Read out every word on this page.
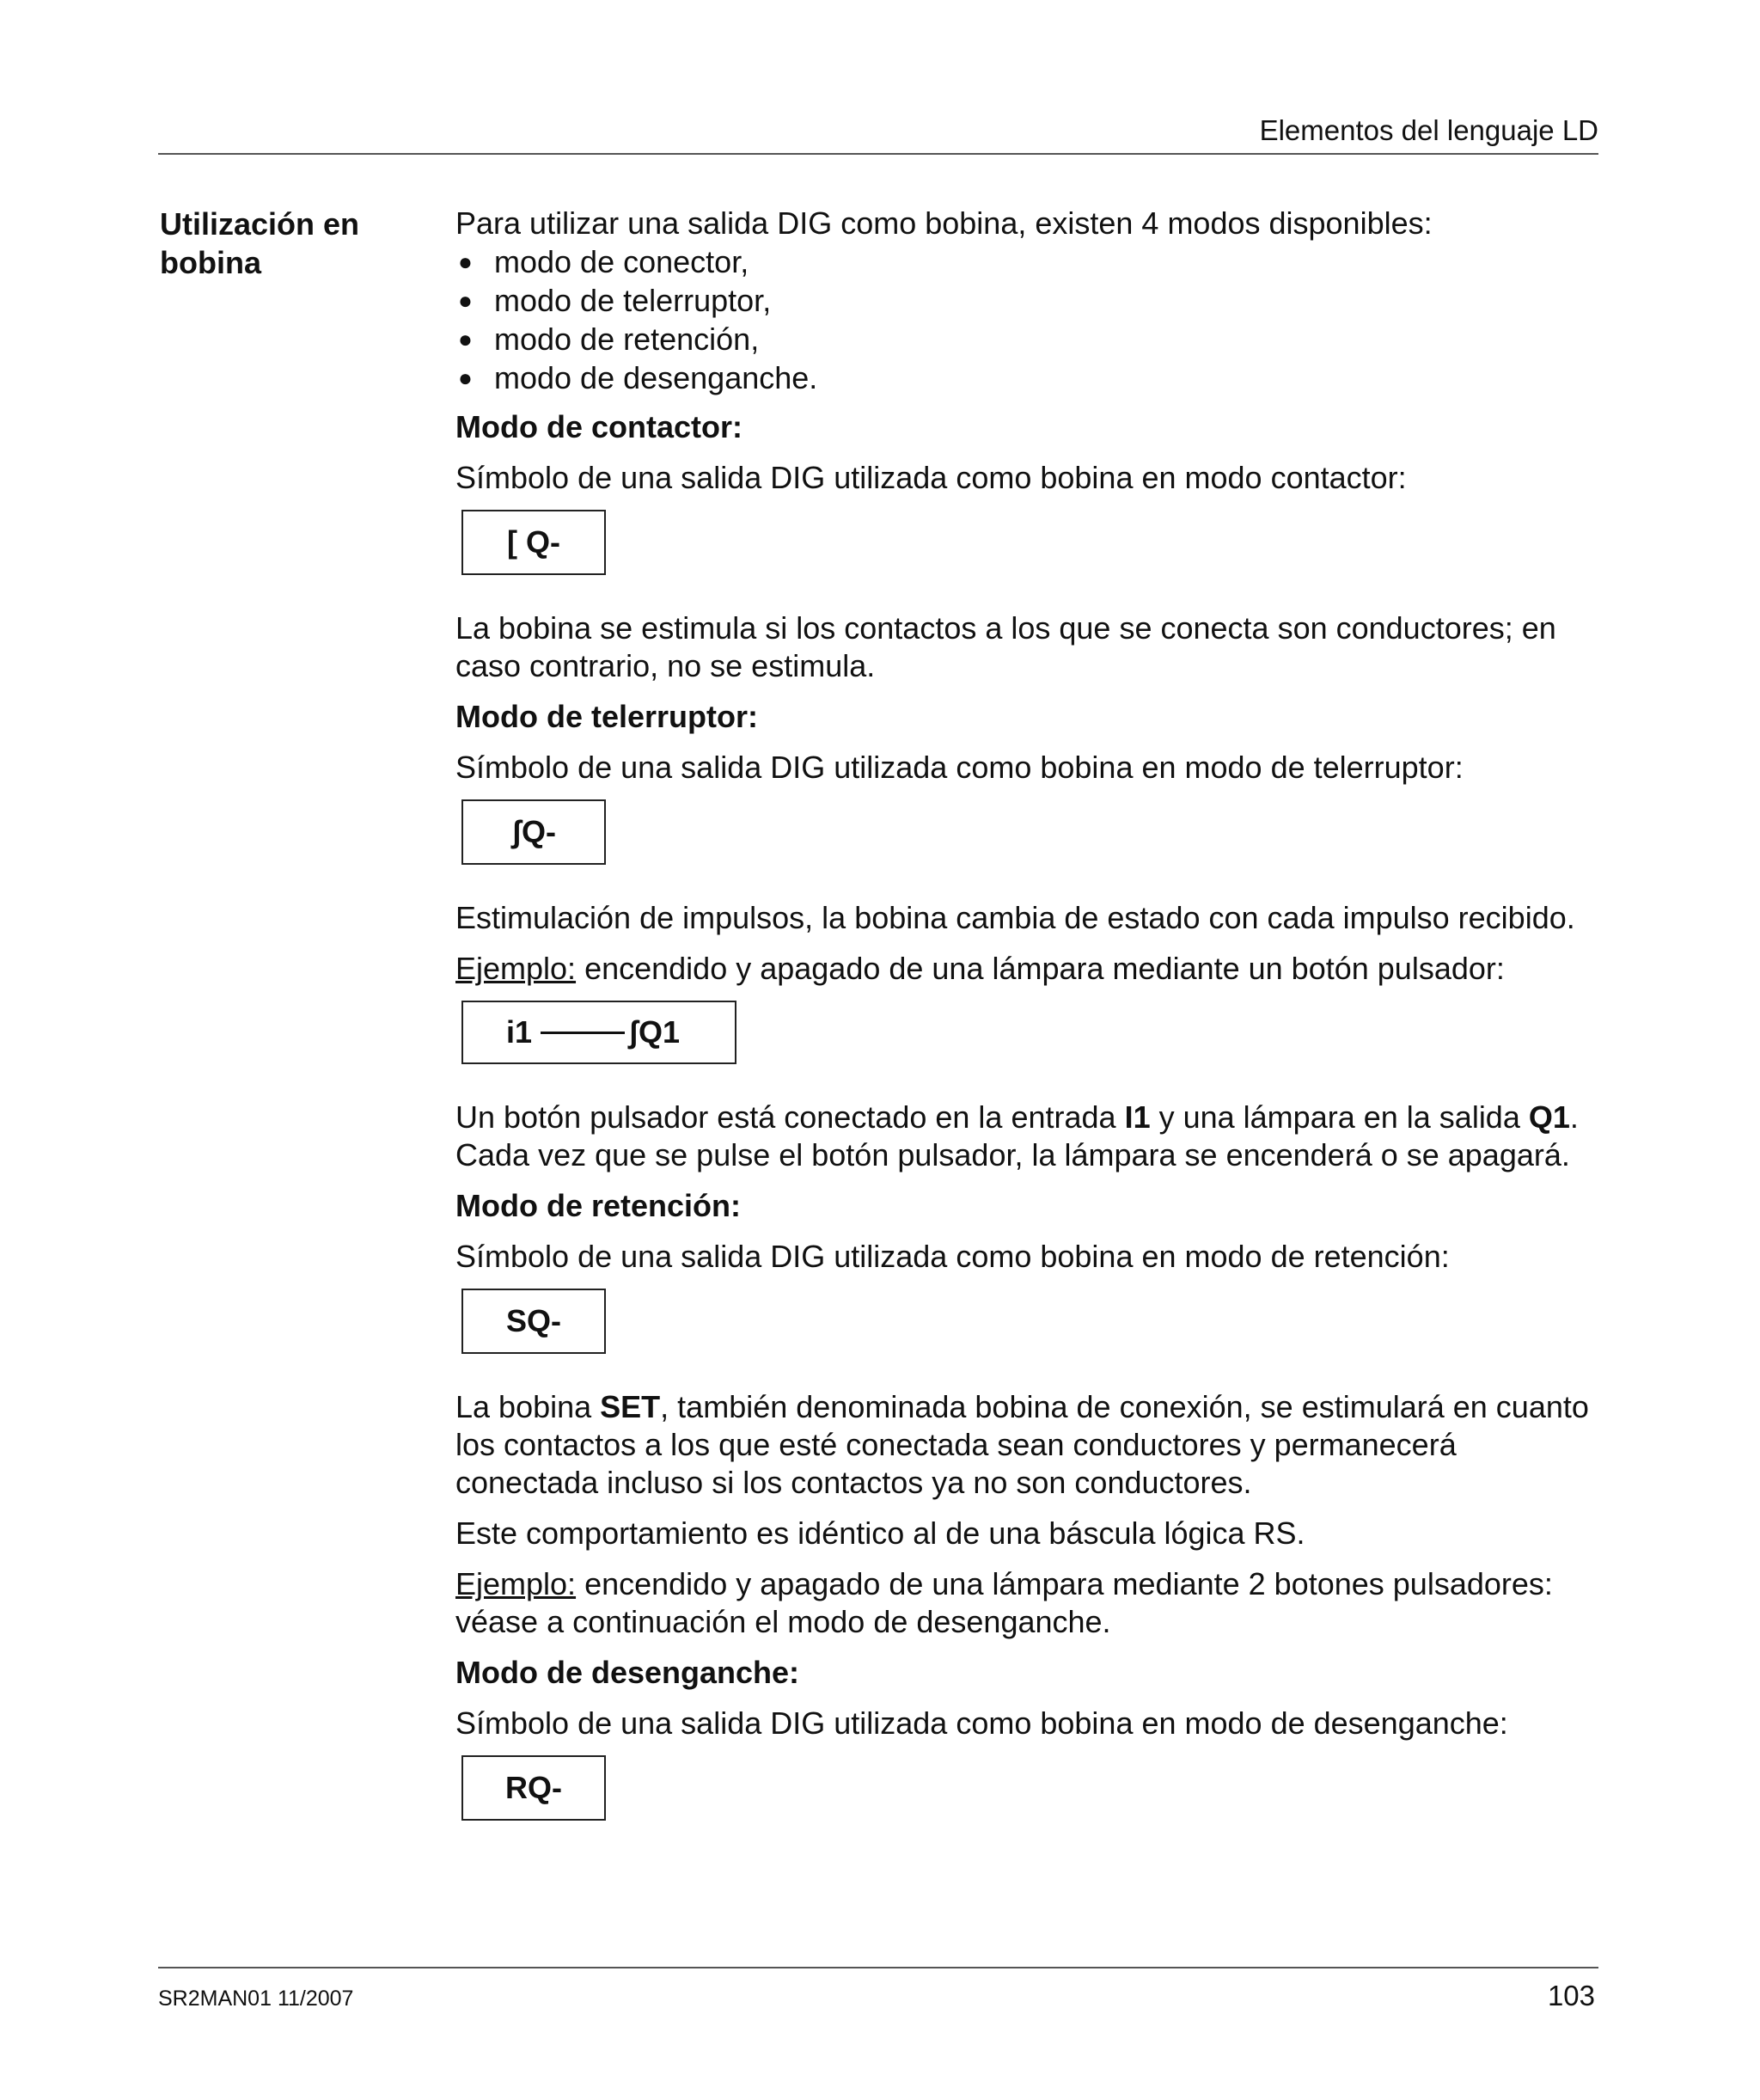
Elementos del lenguaje LD
Utilización en
bobina

Para utilizar una salida DIG como bobina, existen 4 modos disponibles:

● modo de conector,
● modo de telerruptor,
● modo de retención,
● modo de desenganche.

Modo de contactor:

Símbolo de una salida DIG utilizada como bobina en modo contactor:

[ Q-

La bobina se estimula si los contactos a los que se conecta son conductores; en caso contrario, no se estimula.

Modo de telerruptor:

Símbolo de una salida DIG utilizada como bobina en modo de telerruptor:

ʃQ-

Estimulación de impulsos, la bobina cambia de estado con cada impulso recibido.

Ejemplo: encendido y apagado de una lámpara mediante un botón pulsador:

i1	ʃQ1

Un botón pulsador está conectado en la entrada I1 y una lámpara en la salida Q1. Cada vez que se pulse el botón pulsador, la lámpara se encenderá o se apagará.

Modo de retención:

Símbolo de una salida DIG utilizada como bobina en modo de retención:

SQ-

La bobina SET, también denominada bobina de conexión, se estimulará en cuanto los contactos a los que esté conectada sean conductores y permanecerá conectada incluso si los contactos ya no son conductores.

Este comportamiento es idéntico al de una báscula lógica RS.

Ejemplo: encendido y apagado de una lámpara mediante 2 botones pulsadores: véase a continuación el modo de desenganche.

Modo de desenganche:

Símbolo de una salida DIG utilizada como bobina en modo de desenganche:

RQ-
SR2MAN01 11/2007	103
